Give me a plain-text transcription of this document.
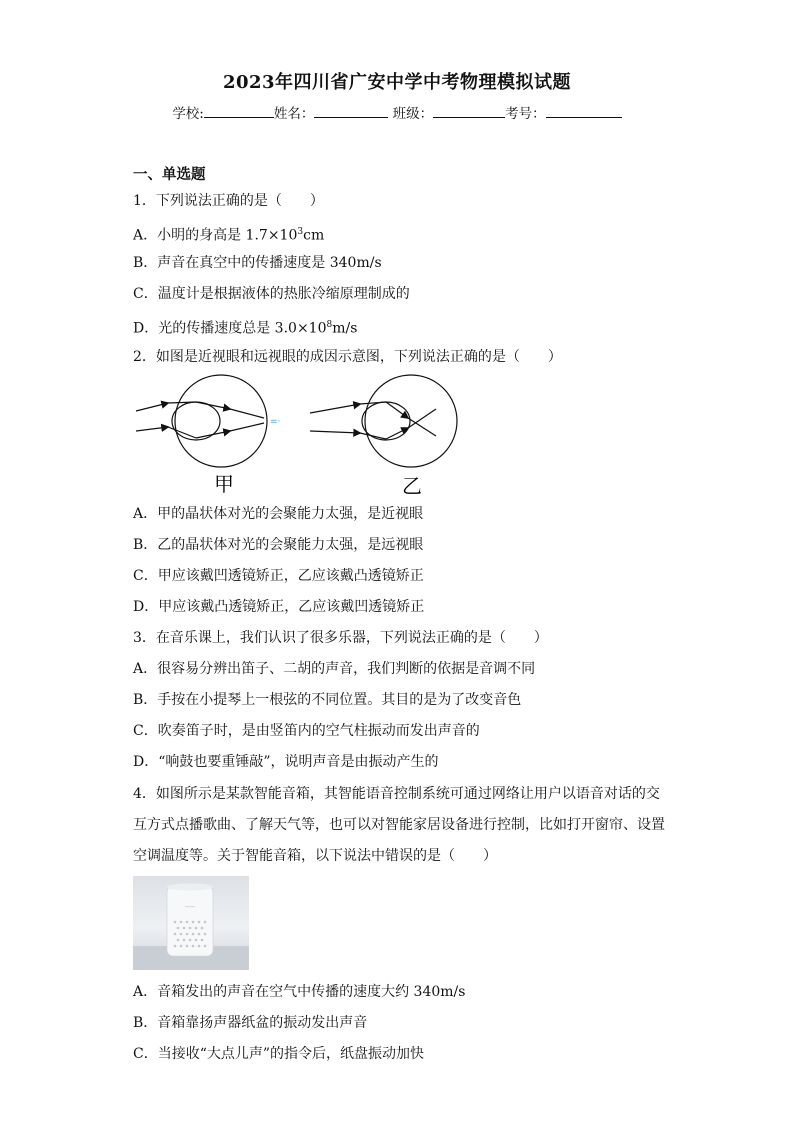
2023年四川省广安中学中考物理模拟试题
学校:	姓名：	班级：	考号：
一、单选题
1．下列说法正确的是（　　）
A．小明的身高是 $1.7\times 10^3cm$
B．声音在真空中的传播速度是 340m/s
C．温度计是根据液体的热胀冷缩原理制成的
D．光的传播速度总是 $3.0\times 10^8m/s$
2．如图是近视眼和远视眼的成因示意图，下列说法正确的是（　　）
=·
甲	乙
A．甲的晶状体对光的会聚能力太强，是近视眼
B．乙的晶状体对光的会聚能力太强，是远视眼
C．甲应该戴凹透镜矫正，乙应该戴凸透镜矫正
D．甲应该戴凸透镜矫正，乙应该戴凹透镜矫正
3．在音乐课上，我们认识了很多乐器，下列说法正确的是（　　）
A．很容易分辨出笛子、二胡的声音，我们判断的依据是音调不同
B．手按在小提琴上一根弦的不同位置。其目的是为了改变音色
C．吹奏笛子时，是由竖笛内的空气柱振动而发出声音的
D．“响鼓也要重锤敲”，说明声音是由振动产生的
4．如图所示是某款智能音箱，其智能语音控制系统可通过网络让用户以语音对话的交
互方式点播歌曲、了解天气等，也可以对智能家居设备进行控制，比如打开窗帘、设置
空调温度等。关于智能音箱，以下说法中错误的是（　　）
A．音箱发出的声音在空气中传播的速度大约 340m/s
B．音箱靠扬声器纸盆的振动发出声音
C．当接收“大点儿声”的指令后，纸盘振动加快
